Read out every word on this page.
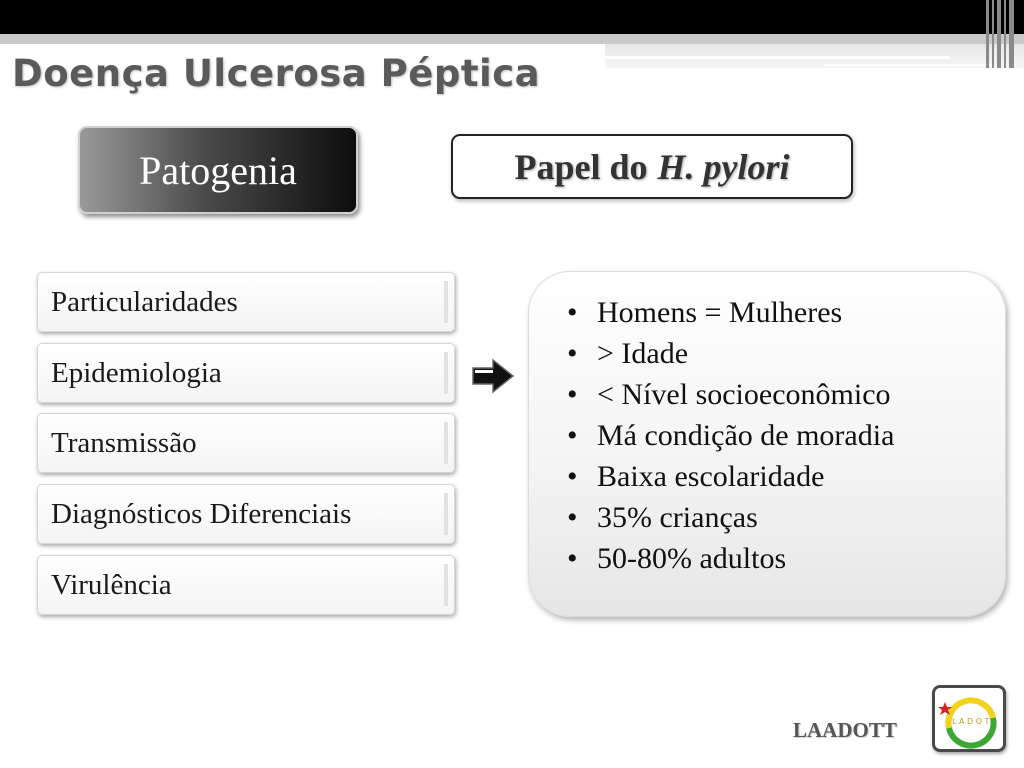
Doença Ulcerosa Péptica
Patogenia	Papel do H. pylori
Particularidades
Epidemiologia
Transmissão
Diagnósticos Diferenciais
Virulência
• Homens = Mulheres
• > Idade
• < Nível socioeconômico
• Má condição de moradia
• Baixa escolaridade
• 35% crianças
• 50-80% adultos
LAADOTT	L A D O T
